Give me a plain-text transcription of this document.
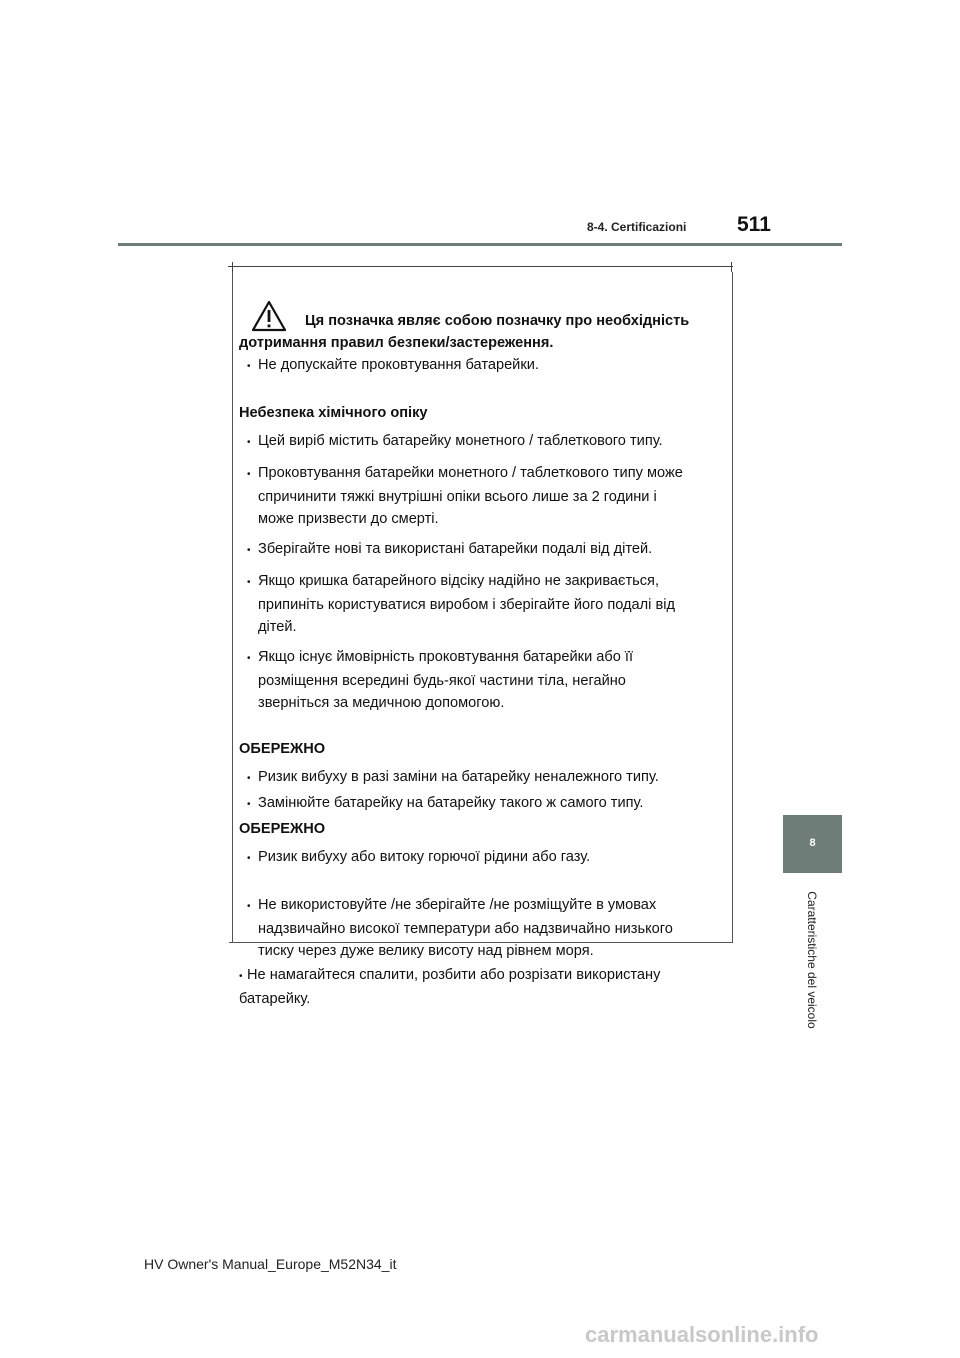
8-4. Certificazioni 511
8
Caratteristiche del veicolo
Ця позначка являє собою позначку про необхідність

дотримання правил безпеки/застереження.

• Не допускайте проковтування батарейки.

Небезпека хімічного опіку

• Цей виріб містить батарейку монетного / таблеткового типу.
• Проковтування батарейки монетного / таблеткового типу може
спричинити тяжкі внутрішні опіки всього лише за 2 години і
може призвести до смерті.
• Зберігайте нові та використані батарейки подалі від дітей.
• Якщо кришка батарейного відсіку надійно не закривається,
припиніть користуватися виробом і зберігайте його подалі від
дітей.
• Якщо існує ймовірність проковтування батарейки або її
розміщення всередині будь-якої частини тіла, негайно
зверніться за медичною допомогою.

ОБЕРЕЖНО

• Ризик вибуху в разі заміни на батарейку неналежного типу.
• Замінюйте батарейку на батарейку такого ж самого типу.

ОБЕРЕЖНО

• Ризик вибуху або витоку горючої рідини або газу.
• Не використовуйте /не зберігайте /не розміщуйте в умовах
надзвичайно високої температури або надзвичайно низького
тиску через дуже велику висоту над рівнем моря.
• Не намагайтеся спалити, розбити або розрізати використану
батарейку.
HV Owner's Manual_Europe_M52N34_it
carmanualsonline.info
